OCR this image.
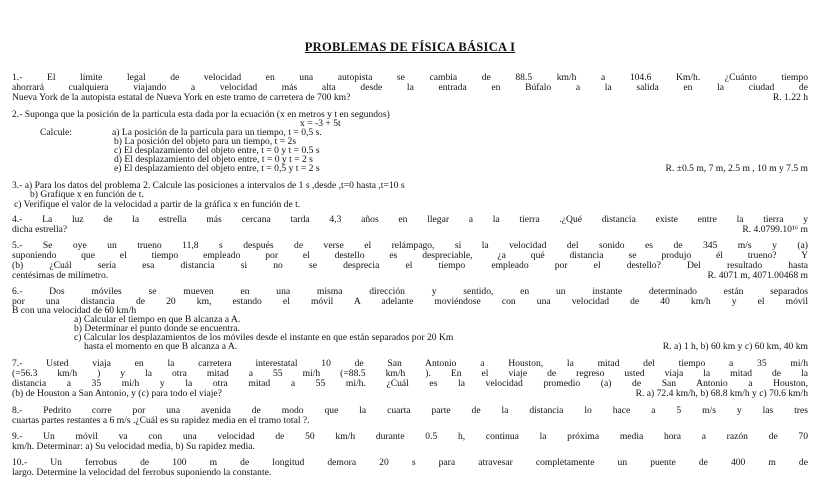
PROBLEMAS DE FÍSICA BÁSICA I
1.- El límite legal de velocidad en una autopista se cambia de 88.5 km/h a 104.6 Km/h. ¿Cuánto tiempo
ahorrará cualquiera viajando a velocidad más alta desde la entrada en Búfalo a la salida en la ciudad de
Nueva York de la autopista estatal de Nueva York en este tramo de carretera de 700 km?	R. 1.22 h
2.- Suponga que la posición de la partícula esta dada por la ecuación (x en metros y t en segundos)
x = -3 + 5t
Calcule:	a) La posición de la partícula para un tiempo, t = 0,5 s.
b) La posición del objeto para un tiempo, t = 2s
c) El desplazamiento del objeto entre, t = 0 y t = 0.5 s
d) El desplazamiento del objeto entre, t = 0 y t = 2 s
e) El desplazamiento del objeto entre, t = 0,5 y t = 2 s	R. ±0.5 m, 7 m, 2.5 m , 10 m y 7.5 m
3.- a) Para los datos del problema 2. Calcule las posiciones a intervalos de 1 s ,desde ,t=0 hasta ,t=10 s
b) Grafique x en función de t.
c) Verifique el valor de la velocidad a partir de la gráfica x en función de t.
4.- La luz de la estrella más cercana tarda 4,3 años en llegar a la tierra .¿Qué distancia existe entre la tierra y
dicha estrella?	R. 4.0799.10¹⁶ m
5.- Se oye un trueno 11,8 s después de verse el relámpago, si la velocidad del sonido es de 345 m/s y (a)
suponiendo que el tiempo empleado por el destello es despreciable, ¿a qué distancia se produjo él trueno? Y
(b) ¿Cuál sería esa distancia si no se desprecia el tiempo empleado por el destello? Del resultado hasta
centésimas de milímetro.	R. 4071 m, 4071.00468 m
6.- Dos móviles se mueven en una misma dirección y sentido, en un instante determinado están separados
por una distancia de 20 km, estando el móvil A adelante moviéndose con una velocidad de 40 km/h y el móvil
B con una velocidad de 60 km/h
a) Calcular el tiempo en que B alcanza a A.
b) Determinar el punto donde se encuentra.
c) Calcular los desplazamientos de los móviles desde el instante en que están separados por 20 Km
hasta el momento en que B alcanza a A.	R. a) 1 h, b) 60 km y c) 60 km, 40 km
7.- Usted viaja en la carretera interestatal 10 de San Antonio a Houston, la mitad del tiempo a 35 mi/h
(=56.3 km/h ) y la otra mitad a 55 mi/h (=88.5 km/h ). En el viaje de regreso usted viaja la mitad de la
distancia a 35 mi/h y la otra mitad a 55 mi/h. ¿Cuál es la velocidad promedio (a) de San Antonio a Houston,
(b) de Houston a San Antonio, y (c) para todo el viaje?	R. a) 72.4 km/h, b) 68.8 km/h y c) 70.6 km/h
8.- Pedrito corre por una avenida de modo que la cuarta parte de la distancia lo hace a 5 m/s y las tres
cuartas partes restantes a 6 m/s .¿Cuál es su rapidez media en el tramo total ?.
9.- Un móvil va con una velocidad de 50 km/h durante 0.5 h, continua la próxima media hora a razón de 70
km/h. Determinar: a) Su velocidad media, b) Su rapidez media.
10.- Un ferrobus de 100 m de longitud demora 20 s para atravesar completamente un puente de 400 m de
largo. Determine la velocidad del ferrobus suponiendo la constante.
